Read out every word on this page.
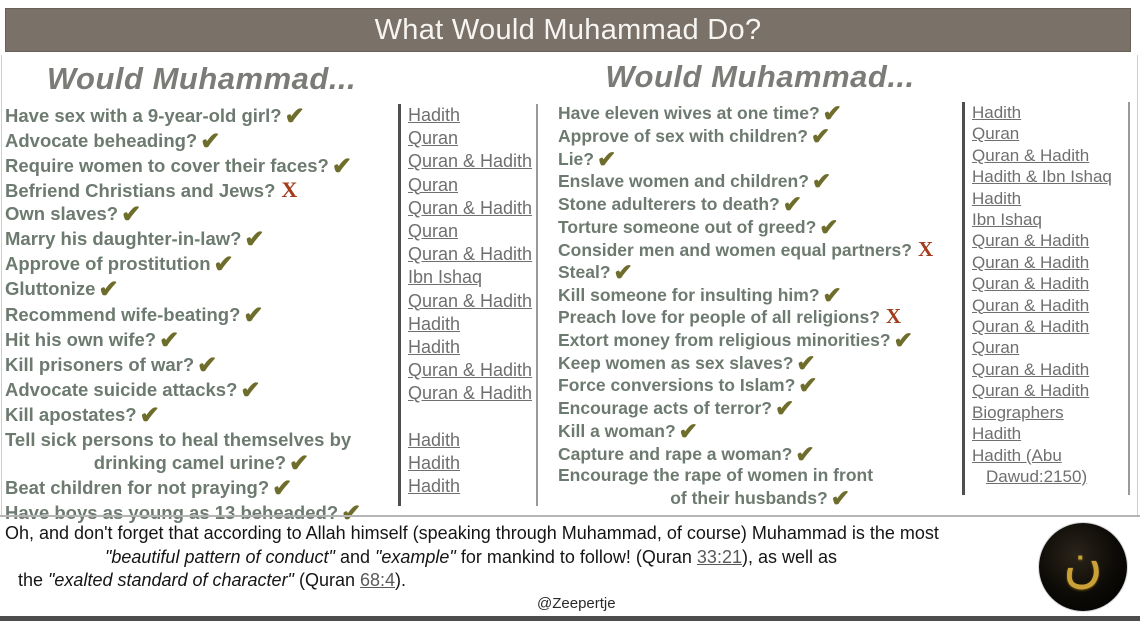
What Would Muhammad Do?
Would Muhammad...
Have sex with a 9-year-old girl? ✔
Advocate beheading? ✔
Require women to cover their faces? ✔
Befriend Christians and Jews? X
Own slaves? ✔
Marry his daughter-in-law? ✔
Approve of prostitution ✔
Gluttonize ✔
Recommend wife-beating? ✔
Hit his own wife? ✔
Kill prisoners of war? ✔
Advocate suicide attacks? ✔
Kill apostates? ✔
Tell sick persons to heal themselves by
drinking camel urine? ✔
Beat children for not praying? ✔
Have boys as young as 13 beheaded? ✔
Hadith
Quran
Quran & Hadith
Quran
Quran & Hadith
Quran
Quran & Hadith
Ibn Ishaq
Quran & Hadith
Hadith
Hadith
Quran & Hadith
Quran & Hadith

Hadith
Hadith
Hadith
Would Muhammad...
Have eleven wives at one time? ✔
Approve of sex with children? ✔
Lie? ✔
Enslave women and children? ✔
Stone adulterers to death? ✔
Torture someone out of greed? ✔
Consider men and women equal partners? X
Steal? ✔
Kill someone for insulting him? ✔
Preach love for people of all religions? X
Extort money from religious minorities? ✔
Keep women as sex slaves? ✔
Force conversions to Islam? ✔
Encourage acts of terror? ✔
Kill a woman? ✔
Capture and rape a woman? ✔
Encourage the rape of women in front
of their husbands? ✔
Hadith
Quran
Quran & Hadith
Hadith & Ibn Ishaq
Hadith
Ibn Ishaq
Quran & Hadith
Quran & Hadith
Quran & Hadith
Quran & Hadith
Quran & Hadith
Quran
Quran & Hadith
Quran & Hadith
Biographers
Hadith
Hadith (Abu Dawud:2150)
Oh, and don't forget that according to Allah himself (speaking through Muhammad, of course) Muhammad is the most
"beautiful pattern of conduct" and "example" for mankind to follow! (Quran 33:21), as well as
the "exalted standard of character" (Quran 68:4).
@Zeepertje
ن
